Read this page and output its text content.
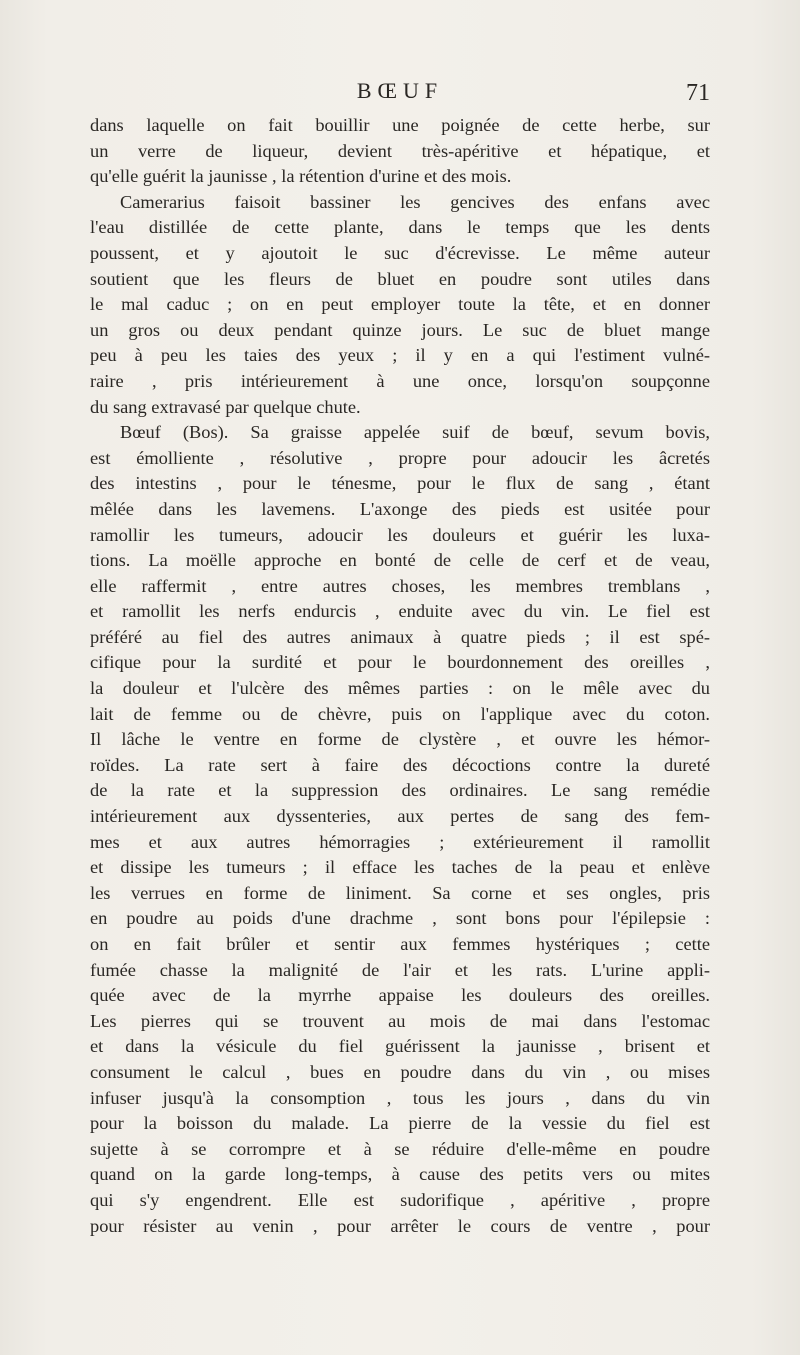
BŒUF	71
dans laquelle on fait bouillir une poignée de cette herbe, sur
un verre de liqueur, devient très-apéritive et hépatique, et
qu'elle guérit la jaunisse , la rétention d'urine et des mois.
Camerarius faisoit bassiner les gencives des enfans avec
l'eau distillée de cette plante, dans le temps que les dents
poussent, et y ajoutoit le suc d'écrevisse. Le même auteur
soutient que les fleurs de bluet en poudre sont utiles dans
le mal caduc ; on en peut employer toute la tête, et en donner
un gros ou deux pendant quinze jours. Le suc de bluet mange
peu à peu les taies des yeux ; il y en a qui l'estiment vulné-
raire , pris intérieurement à une once, lorsqu'on soupçonne
du sang extravasé par quelque chute.
Bœuf (Bos). Sa graisse appelée suif de bœuf, sevum bovis,
est émolliente , résolutive , propre pour adoucir les âcretés
des intestins , pour le ténesme, pour le flux de sang , étant
mêlée dans les lavemens. L'axonge des pieds est usitée pour
ramollir les tumeurs, adoucir les douleurs et guérir les luxa-
tions. La moëlle approche en bonté de celle de cerf et de veau,
elle raffermit , entre autres choses, les membres tremblans ,
et ramollit les nerfs endurcis , enduite avec du vin. Le fiel est
préféré au fiel des autres animaux à quatre pieds ; il est spé-
cifique pour la surdité et pour le bourdonnement des oreilles ,
la douleur et l'ulcère des mêmes parties : on le mêle avec du
lait de femme ou de chèvre, puis on l'applique avec du coton.
Il lâche le ventre en forme de clystère , et ouvre les hémor-
roïdes. La rate sert à faire des décoctions contre la dureté
de la rate et la suppression des ordinaires. Le sang remédie
intérieurement aux dyssenteries, aux pertes de sang des fem-
mes et aux autres hémorragies ; extérieurement il ramollit
et dissipe les tumeurs ; il efface les taches de la peau et enlève
les verrues en forme de liniment. Sa corne et ses ongles, pris
en poudre au poids d'une drachme , sont bons pour l'épilepsie :
on en fait brûler et sentir aux femmes hystériques ; cette
fumée chasse la malignité de l'air et les rats. L'urine appli-
quée avec de la myrrhe appaise les douleurs des oreilles.
Les pierres qui se trouvent au mois de mai dans l'estomac
et dans la vésicule du fiel guérissent la jaunisse , brisent et
consument le calcul , bues en poudre dans du vin , ou mises
infuser jusqu'à la consomption , tous les jours , dans du vin
pour la boisson du malade. La pierre de la vessie du fiel est
sujette à se corrompre et à se réduire d'elle-même en poudre
quand on la garde long-temps, à cause des petits vers ou mites
qui s'y engendrent. Elle est sudorifique , apéritive , propre
pour résister au venin , pour arrêter le cours de ventre , pour
